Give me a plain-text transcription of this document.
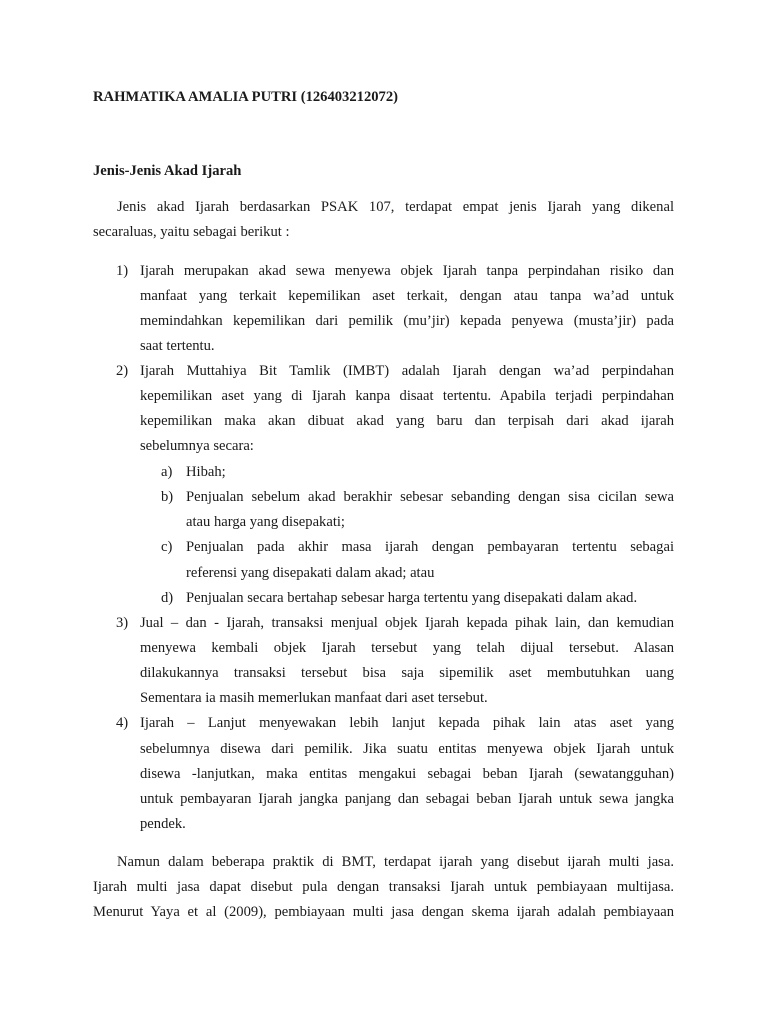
RAHMATIKA AMALIA PUTRI (126403212072)
Jenis-Jenis Akad Ijarah
Jenis akad Ijarah berdasarkan PSAK 107, terdapat empat jenis Ijarah yang dikenal
secaraluas, yaitu sebagai berikut :
1) Ijarah merupakan akad sewa menyewa objek Ijarah tanpa perpindahan risiko dan
manfaat yang terkait kepemilikan aset terkait, dengan atau tanpa wa’ad untuk
memindahkan kepemilikan dari pemilik (mu’jir) kepada penyewa (musta’jir) pada
saat tertentu.
2) Ijarah Muttahiya Bit Tamlik (IMBT) adalah Ijarah dengan wa’ad perpindahan
kepemilikan aset yang di Ijarah kanpa disaat tertentu. Apabila terjadi perpindahan
kepemilikan maka akan dibuat akad yang baru dan terpisah dari akad ijarah
sebelumnya secara:
a) Hibah;
b) Penjualan sebelum akad berakhir sebesar sebanding dengan sisa cicilan sewa
atau harga yang disepakati;
c) Penjualan pada akhir masa ijarah dengan pembayaran tertentu sebagai
referensi yang disepakati dalam akad; atau
d) Penjualan secara bertahap sebesar harga tertentu yang disepakati dalam akad.
3) Jual – dan - Ijarah, transaksi menjual objek Ijarah kepada pihak lain, dan kemudian
menyewa kembali objek Ijarah tersebut yang telah dijual tersebut. Alasan
dilakukannya transaksi tersebut bisa saja sipemilik aset membutuhkan uang
Sementara ia masih memerlukan manfaat dari aset tersebut.
4) Ijarah – Lanjut menyewakan lebih lanjut kepada pihak lain atas aset yang
sebelumnya disewa dari pemilik. Jika suatu entitas menyewa objek Ijarah untuk
disewa -lanjutkan, maka entitas mengakui sebagai beban Ijarah (sewatangguhan)
untuk pembayaran Ijarah jangka panjang dan sebagai beban Ijarah untuk sewa jangka
pendek.
Namun dalam beberapa praktik di BMT, terdapat ijarah yang disebut ijarah multi jasa.
Ijarah multi jasa dapat disebut pula dengan transaksi Ijarah untuk pembiayaan multijasa.
Menurut Yaya et al (2009), pembiayaan multi jasa dengan skema ijarah adalah pembiayaan
